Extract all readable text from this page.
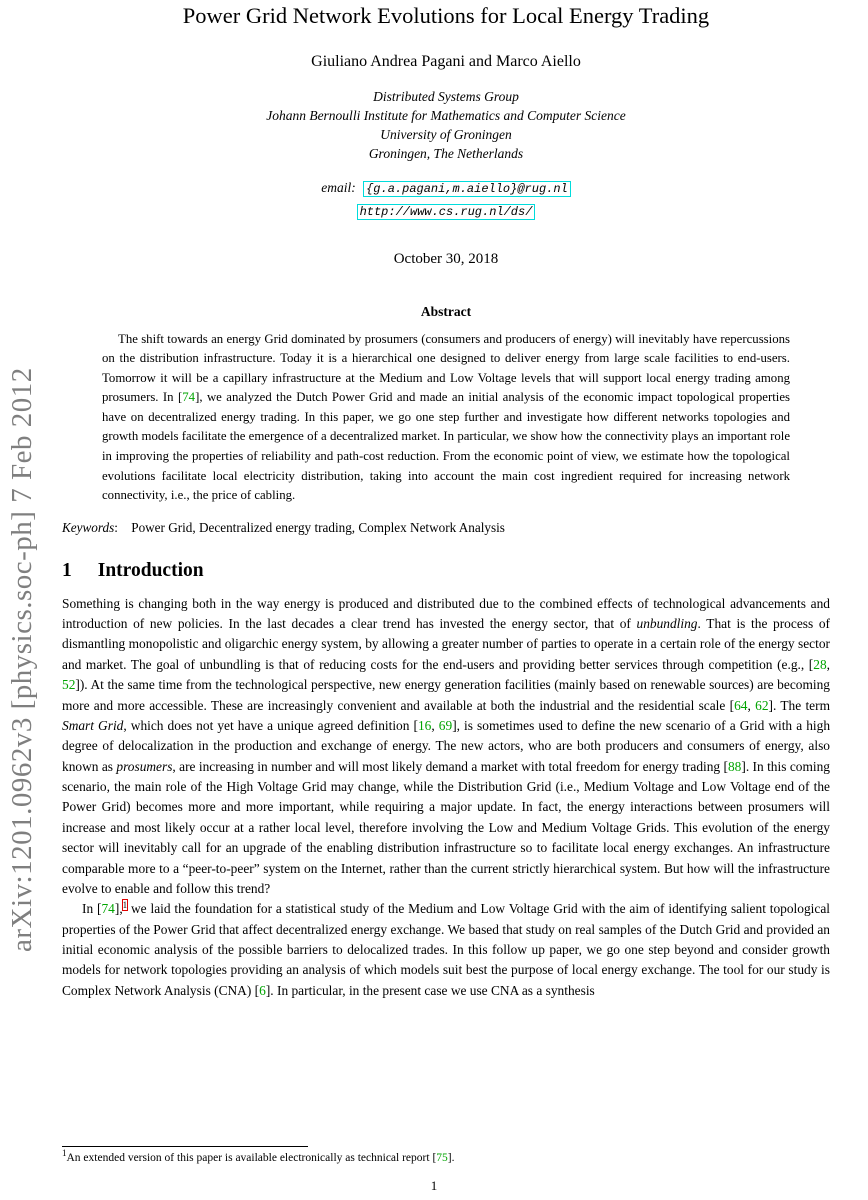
arXiv:1201.0962v3 [physics.soc-ph] 7 Feb 2012
Power Grid Network Evolutions for Local Energy Trading
Giuliano Andrea Pagani and Marco Aiello
Distributed Systems Group
Johann Bernoulli Institute for Mathematics and Computer Science
University of Groningen
Groningen, The Netherlands
email: {g.a.pagani,m.aiello}@rug.nl
http://www.cs.rug.nl/ds/
October 30, 2018
Abstract

The shift towards an energy Grid dominated by prosumers (consumers and producers of energy) will inevitably have repercussions on the distribution infrastructure. Today it is a hierarchical one designed to deliver energy from large scale facilities to end-users. Tomorrow it will be a capillary infrastructure at the Medium and Low Voltage levels that will support local energy trading among prosumers. In [74], we analyzed the Dutch Power Grid and made an initial analysis of the economic impact topological properties have on decentralized energy trading. In this paper, we go one step further and investigate how different networks topologies and growth models facilitate the emergence of a decentralized market. In particular, we show how the connectivity plays an important role in improving the properties of reliability and path-cost reduction. From the economic point of view, we estimate how the topological evolutions facilitate local electricity distribution, taking into account the main cost ingredient required for increasing network connectivity, i.e., the price of cabling.

Keywords: Power Grid, Decentralized energy trading, Complex Network Analysis
1 Introduction

Something is changing both in the way energy is produced and distributed due to the combined effects of technological advancements and introduction of new policies. In the last decades a clear trend has invested the energy sector, that of unbundling. That is the process of dismantling monopolistic and oligarchic energy system, by allowing a greater number of parties to operate in a certain role of the energy sector and market. The goal of unbundling is that of reducing costs for the end-users and providing better services through competition (e.g., [28, 52]). At the same time from the technological perspective, new energy generation facilities (mainly based on renewable sources) are becoming more and more accessible. These are increasingly convenient and available at both the industrial and the residential scale [64, 62]. The term Smart Grid, which does not yet have a unique agreed definition [16, 69], is sometimes used to define the new scenario of a Grid with a high degree of delocalization in the production and exchange of energy. The new actors, who are both producers and consumers of energy, also known as prosumers, are increasing in number and will most likely demand a market with total freedom for energy trading [88]. In this coming scenario, the main role of the High Voltage Grid may change, while the Distribution Grid (i.e., Medium Voltage and Low Voltage end of the Power Grid) becomes more and more important, while requiring a major update. In fact, the energy interactions between prosumers will increase and most likely occur at a rather local level, therefore involving the Low and Medium Voltage Grids. This evolution of the energy sector will inevitably call for an upgrade of the enabling distribution infrastructure so to facilitate local energy exchanges. An infrastructure comparable more to a “peer-to-peer” system on the Internet, rather than the current strictly hierarchical system. But how will the infrastructure evolve to enable and follow this trend?

In [74],$^1$ we laid the foundation for a statistical study of the Medium and Low Voltage Grid with the aim of identifying salient topological properties of the Power Grid that affect decentralized energy exchange. We based that study on real samples of the Dutch Grid and provided an initial economic analysis of the possible barriers to delocalized trades. In this follow up paper, we go one step beyond and consider growth models for network topologies providing an analysis of which models suit best the purpose of local energy exchange. The tool for our study is Complex Network Analysis (CNA) [6]. In particular, in the present case we use CNA as a synthesis

$^1$An extended version of this paper is available electronically as technical report [75].

1
